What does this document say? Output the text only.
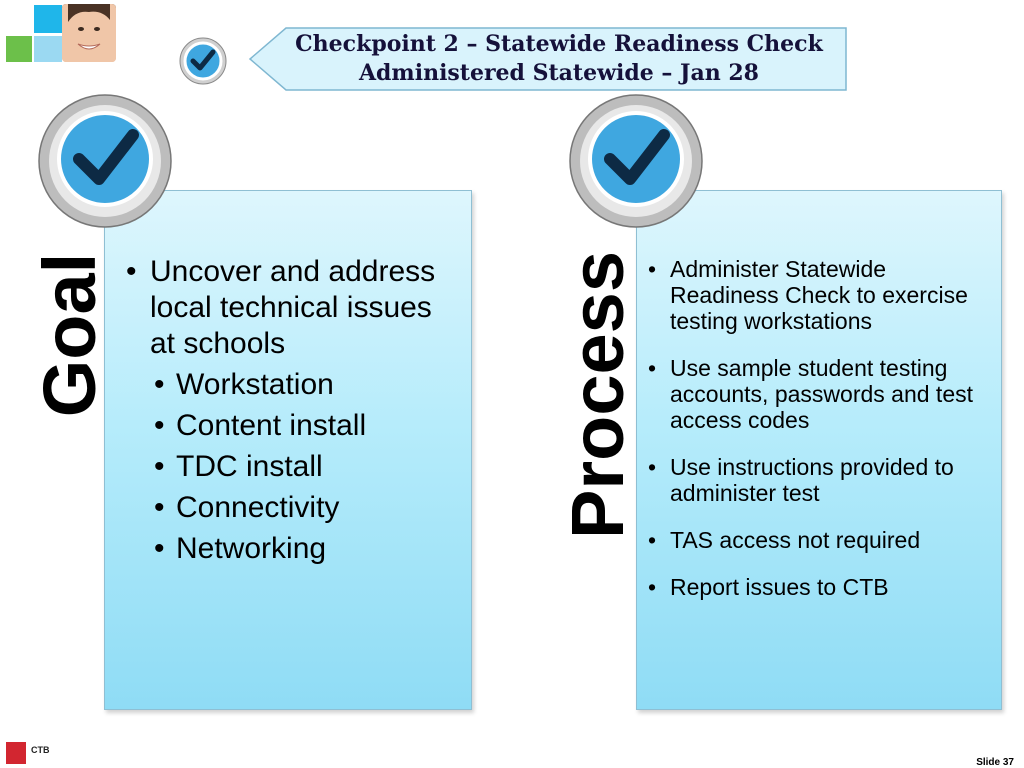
Checkpoint 2 – Statewide Readiness Check
Administered Statewide – Jan 28
Goal • Uncover and address local technical issues at schools
• Workstation
• Content install
• TDC install
• Connectivity
• Networking
Process • Administer Statewide Readiness Check to exercise testing workstations
• Use sample student testing accounts, passwords and test access codes
• Use instructions provided to administer test
• TAS access not required
• Report issues to CTB
CTB
Slide 37
